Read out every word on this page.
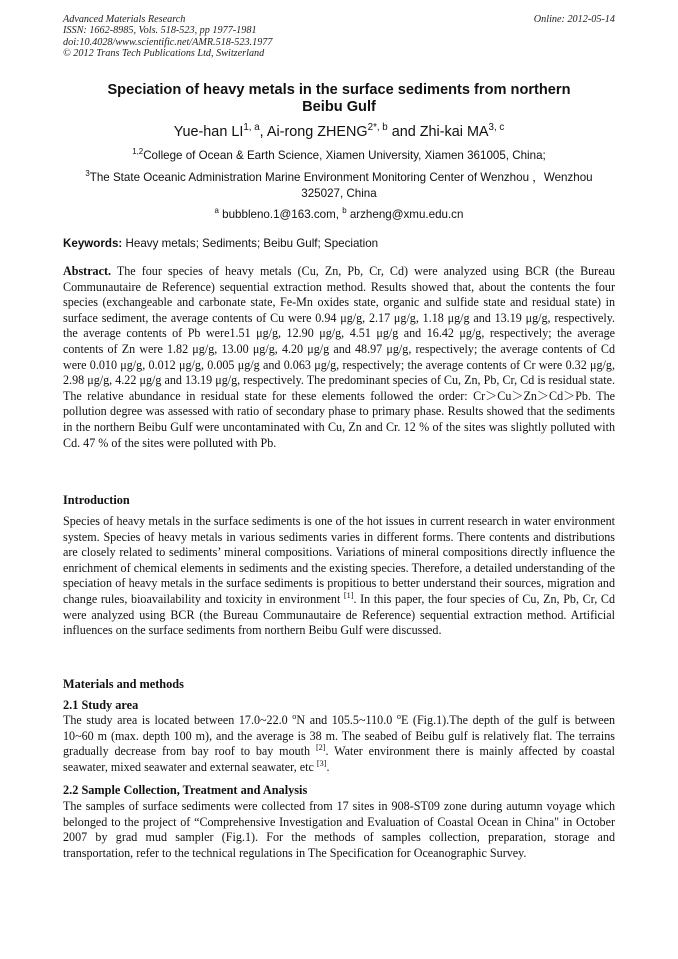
Advanced Materials Research
ISSN: 1662-8985, Vols. 518-523, pp 1977-1981
doi:10.4028/www.scientific.net/AMR.518-523.1977
© 2012 Trans Tech Publications Ltd, Switzerland
Online: 2012-05-14
Speciation of heavy metals in the surface sediments from northern
Beibu Gulf
Yue-han LI$^{1, a}$, Ai-rong $ZHENG^{2*, b}$ and Zhi-kai MA$^{3, c}$
$^{1,2}$College of Ocean & Earth Science, Xiamen University, Xiamen 361005, China;
$^3$The State Oceanic Administration Marine Environment Monitoring Center of Wenzhou ，Wenzhou
325027, China
$^a$ bubbleno.1@163.com, $^b$ arzheng@xmu.edu.cn
Keywords: Heavy metals; Sediments; Beibu Gulf; Speciation
Abstract. The four species of heavy metals (Cu, Zn, Pb, Cr, Cd) were analyzed using BCR (the Bureau Communautaire de Reference) sequential extraction method. Results showed that, about the contents the four species (exchangeable and carbonate state, Fe-Mn oxides state, organic and sulfide state and residual state) in surface sediment, the average contents of Cu were 0.94 μg/g, 2.17 μg/g, 1.18 μg/g and 13.19 μg/g, respectively. the average contents of Pb were1.51 μg/g, 12.90 μg/g, 4.51 μg/g and 16.42 μg/g, respectively; the average contents of Zn were 1.82 μg/g, 13.00 μg/g, 4.20 μg/g and 48.97 μg/g, respectively; the average contents of Cd were 0.010 μg/g, 0.012 μg/g, 0.005 μg/g and 0.063 μg/g, respectively; the average contents of Cr were 0.32 μg/g, 2.98 μg/g, 4.22 μg/g and 13.19 μg/g, respectively. The predominant species of Cu, Zn, Pb, Cr, Cd is residual state. The relative abundance in residual state for these elements followed the order: Cr＞Cu＞Zn＞Cd＞Pb. The pollution degree was assessed with ratio of secondary phase to primary phase. Results showed that the sediments in the northern Beibu Gulf were uncontaminated with Cu, Zn and Cr. 12 % of the sites was slightly polluted with Cd. 47 % of the sites were polluted with Pb.
Introduction
Species of heavy metals in the surface sediments is one of the hot issues in current research in water environment system. Species of heavy metals in various sediments varies in different forms. There contents and distributions are closely related to sediments’ mineral compositions. Variations of mineral compositions directly influence the enrichment of chemical elements in sediments and the existing species. Therefore, a detailed understanding of the speciation of heavy metals in the surface sediments is propitious to better understand their sources, migration and change rules, bioavailability and toxicity in environment [1]. In this paper, the four species of Cu, Zn, Pb, Cr, Cd were analyzed using BCR (the Bureau Communautaire de Reference) sequential extraction method. Artificial influences on the surface sediments from northern Beibu Gulf were discussed.
Materials and methods
2.1 Study area
The study area is located between 17.0~22.0 $^o$N and 105.5~110.0 $^o$E (Fig.1).The depth of the gulf is between 10~60 m (max. depth 100 m), and the average is 38 m. The seabed of Beibu gulf is relatively flat. The terrains gradually decrease from bay roof to bay mouth [2]. Water environment there is mainly affected by coastal seawater, mixed seawater and external seawater, etc [3].
2.2 Sample Collection, Treatment and Analysis
The samples of surface sediments were collected from 17 sites in 908-ST09 zone during autumn voyage which belonged to the project of “Comprehensive Investigation and Evaluation of Coastal Ocean in China" in October 2007 by grad mud sampler (Fig.1). For the methods of samples collection, preparation, storage and transportation, refer to the technical regulations in The Specification for Oceanographic Survey.
